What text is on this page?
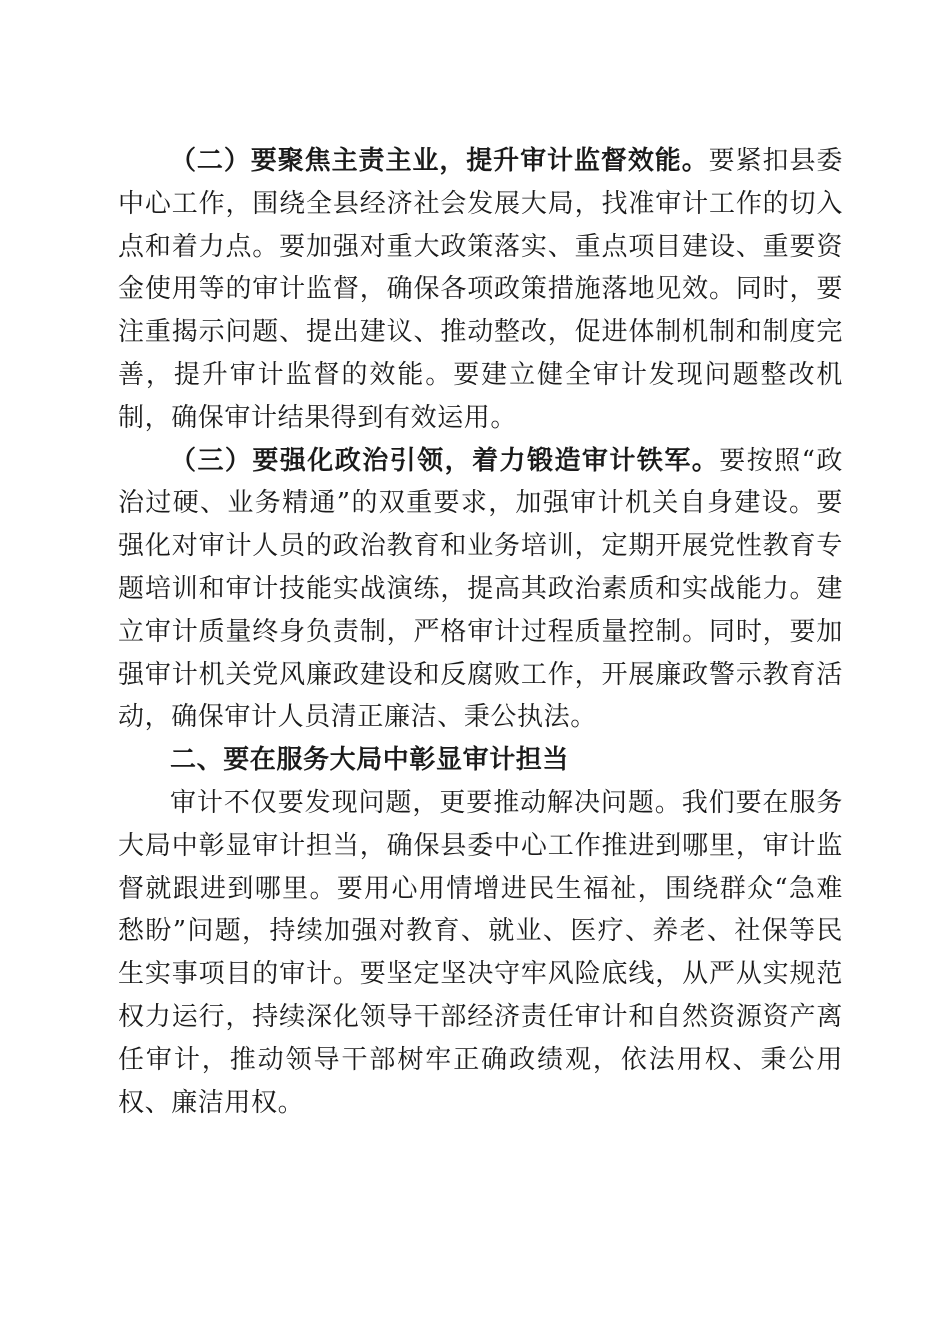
（二）要聚焦主责主业，提升审计监督效能。要紧扣县委中心工作，围绕全县经济社会发展大局，找准审计工作的切入点和着力点。要加强对重大政策落实、重点项目建设、重要资金使用等的审计监督，确保各项政策措施落地见效。同时，要注重揭示问题、提出建议、推动整改，促进体制机制和制度完善，提升审计监督的效能。要建立健全审计发现问题整改机制，确保审计结果得到有效运用。

（三）要强化政治引领，着力锻造审计铁军。要按照“政治过硬、业务精通”的双重要求，加强审计机关自身建设。要强化对审计人员的政治教育和业务培训，定期开展党性教育专题培训和审计技能实战演练，提高其政治素质和实战能力。建立审计质量终身负责制，严格审计过程质量控制。同时，要加强审计机关党风廉政建设和反腐败工作，开展廉政警示教育活动，确保审计人员清正廉洁、秉公执法。

二、要在服务大局中彰显审计担当

审计不仅要发现问题，更要推动解决问题。我们要在服务大局中彰显审计担当，确保县委中心工作推进到哪里，审计监督就跟进到哪里。要用心用情增进民生福祉，围绕群众“急难愁盼”问题，持续加强对教育、就业、医疗、养老、社保等民生实事项目的审计。要坚定坚决守牢风险底线，从严从实规范权力运行，持续深化领导干部经济责任审计和自然资源资产离任审计，推动领导干部树牢正确政绩观，依法用权、秉公用权、廉洁用权。
